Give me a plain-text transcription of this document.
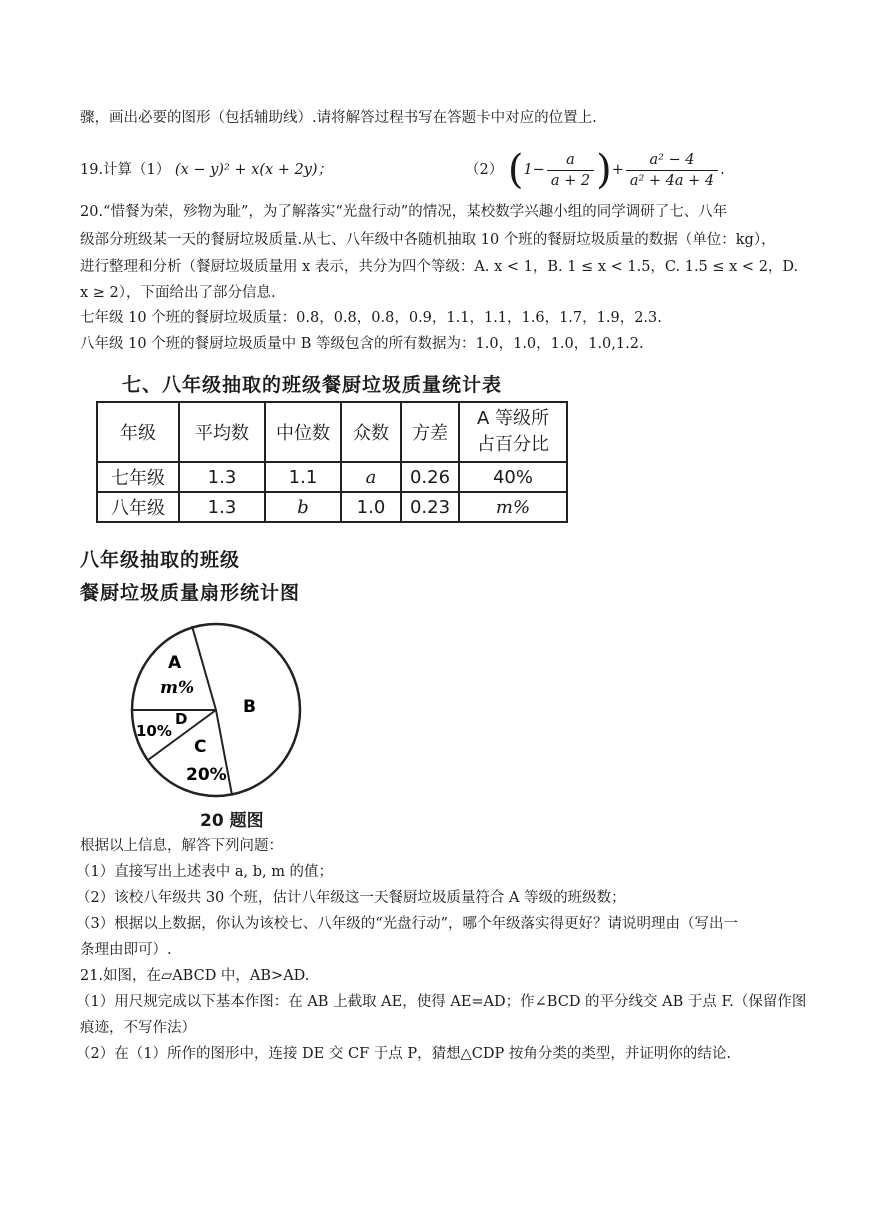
骤，画出必要的图形（包括辅助线）.请将解答过程书写在答题卡中对应的位置上.
19.计算（1） (x − y)² + x(x + 2y)；	（2） ($1- \frac{a}{a + 2}$ )+ $\frac{\text{a² − 4}}{\text{a² + 4a + 4}}$ .
20.“惜餐为荣，殄物为耻”，为了解落实“光盘行动”的情况，某校数学兴趣小组的同学调研了七、八年
级部分班级某一天的餐厨垃圾质量.从七、八年级中各随机抽取 10 个班的餐厨垃圾质量的数据（单位：kg），
进行整理和分析（餐厨垃圾质量用 x 表示，共分为四个等级：A. x < 1，B. 1 ≤ x < 1.5，C. 1.5 ≤ x < 2，D.
x ≥ 2），下面给出了部分信息.
七年级 10 个班的餐厨垃圾质量：0.8，0.8，0.8，0.9，1.1，1.1，1.6，1.7，1.9，2.3.
八年级 10 个班的餐厨垃圾质量中 B 等级包含的所有数据为：1.0，1.0，1.0，1.0,1.2.
七、八年级抽取的班级餐厨垃圾质量统计表
年级	平均数	中位数	众数	方差	A 等级所
占百分比

七年级	1.3	1.1	a	0.26	40%
八年级	1.3	b	1.0	0.23	m%
八年级抽取的班级
餐厨垃圾质量扇形统计图
A
m%
B
C
20%
D
10%
20 题图
根据以上信息，解答下列问题：
（1）直接写出上述表中 a, b, m 的值；
（2）该校八年级共 30 个班，估计八年级这一天餐厨垃圾质量符合 A 等级的班级数；
（3）根据以上数据，你认为该校七、八年级的“光盘行动”，哪个年级落实得更好？请说明理由（写出一
条理由即可）.
21.如图，在▱ABCD 中，AB>AD.
（1）用尺规完成以下基本作图：在 AB 上截取 AE，使得 AE=AD；作∠BCD 的平分线交 AB 于点 F.（保留作图
痕迹，不写作法）
（2）在（1）所作的图形中，连接 DE 交 CF 于点 P，猜想△CDP 按角分类的类型，并证明你的结论.
